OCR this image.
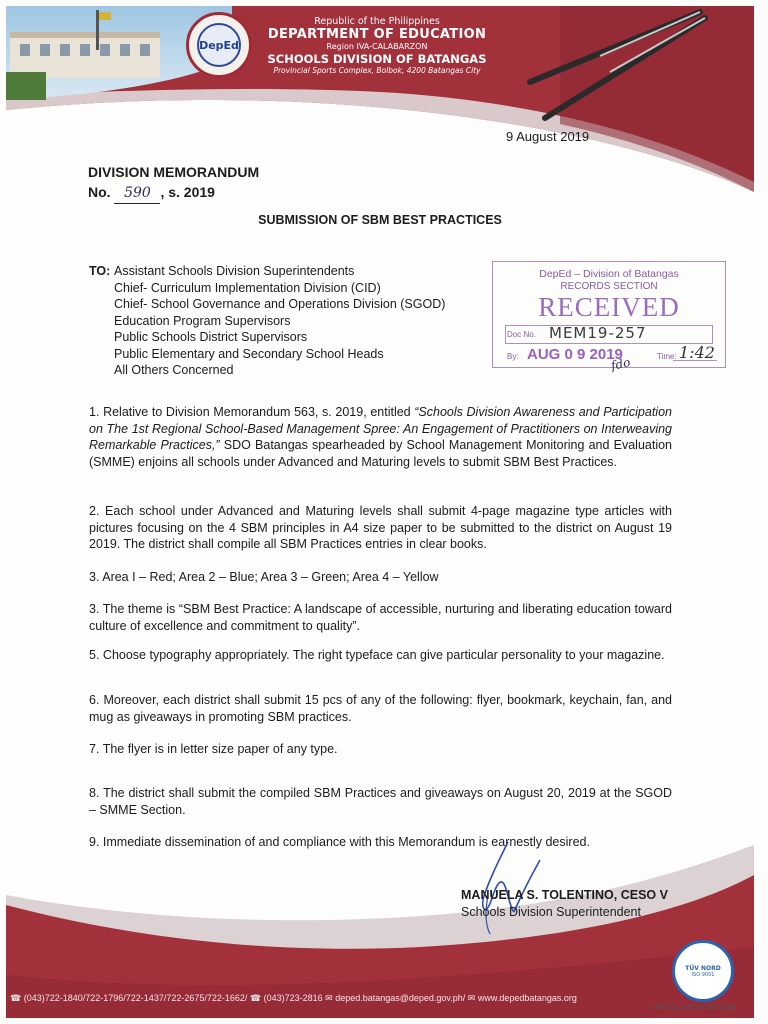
DepEd
Republic of the Philippines
DEPARTMENT OF EDUCATION
Region IVA-CALABARZON
SCHOOLS DIVISION OF BATANGAS
Provincial Sports Complex, Bolbok, 4200 Batangas City
9 August 2019
DIVISION MEMORANDUM
No. 590 , s. 2019
SUBMISSION OF SBM BEST PRACTICES
TO: Assistant Schools Division Superintendents
Chief- Curriculum Implementation Division (CID)
Chief- School Governance and Operations Division (SGOD)
Education Program Supervisors
Public Schools District Supervisors
Public Elementary and Secondary School Heads
All Others Concerned
DepEd – Division of Batangas
RECORDS SECTION
RECEIVED
Doc No. MEM19-257
By: AUG 0 9 2019
fdo	Time: 1:42
1. Relative to Division Memorandum 563, s. 2019, entitled “Schools Division Awareness and Participation on The 1st Regional School-Based Management Spree: An Engagement of Practitioners on Interweaving Remarkable Practices,” SDO Batangas spearheaded by School Management Monitoring and Evaluation (SMME) enjoins all schools under Advanced and Maturing levels to submit SBM Best Practices.
2. Each school under Advanced and Maturing levels shall submit 4-page magazine type articles with pictures focusing on the 4 SBM principles in A4 size paper to be submitted to the district on August 19 2019. The district shall compile all SBM Practices entries in clear books.
3. Area I – Red; Area 2 – Blue; Area 3 – Green; Area 4 – Yellow
3. The theme is “SBM Best Practice: A landscape of accessible, nurturing and liberating education toward culture of excellence and commitment to quality”.
5. Choose typography appropriately. The right typeface can give particular personality to your magazine.
6. Moreover, each district shall submit 15 pcs of any of the following: flyer, bookmark, keychain, fan, and mug as giveaways in promoting SBM practices.
7. The flyer is in letter size paper of any type.
8. The district shall submit the compiled SBM Practices and giveaways on August 20, 2019 at the SGOD – SMME Section.
9. Immediate dissemination of and compliance with this Memorandum is earnestly desired.
MANUELA S. TOLENTINO, CESO V
Schools Division Superintendent
TÜV NORD
ISO 9001
☎ (043)722-1840/722-1796/722-1437/722-2675/722-1662/ ☎ (043)723-2816 ✉ deped.batangas@deped.gov.ph/ ✉ www.depedbatangas.org
CRN 44 100 18 93 0045
